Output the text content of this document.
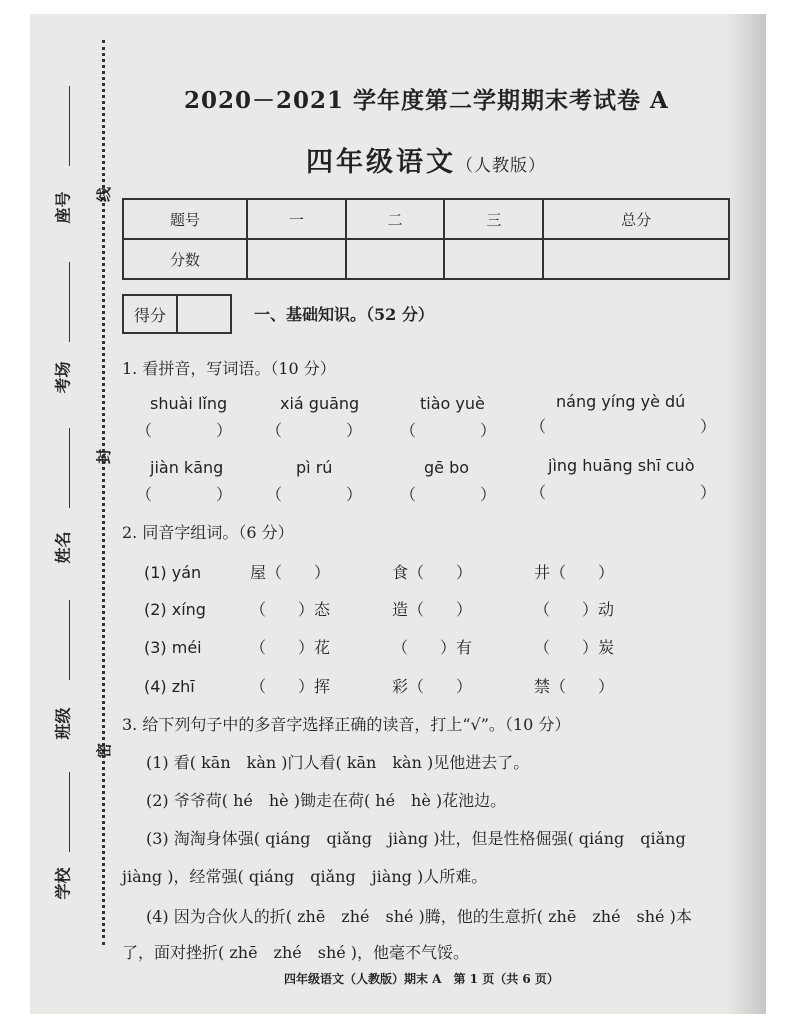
座号
考场
姓名
班级
学校
线
封
密
2020－2021 学年度第二学期期末考试卷 A
四年级语文（人教版）
题号	一	二	三	总分
分数				
得分	一、基础知识。（52 分）
1. 看拼音，写词语。（10 分）
shuài lǐng	xiá guāng	tiào yuè	náng yíng yè dú
（　　　　） （　　　　） （　　　　） （　　　　　　　　　）
jiàn kāng	pì rú	gē bo	jìng huāng shī cuò
（　　　　） （　　　　） （　　　　） （　　　　　　　　　）
2. 同音字组词。（6 分）
(1) yán	屋（　　）	食（　　）	井（　　）
(2) xíng	（　　）态	造（　　）	（　　）动
(3) méi	（　　）花	（　　）有	（　　）炭
(4) zhī	（　　）挥	彩（　　）	禁（　　）
3. 给下列句子中的多音字选择正确的读音，打上“√”。（10 分）
(1) 看( kān　kàn )门人看( kān　kàn )见他进去了。
(2) 爷爷荷( hé　hè )锄走在荷( hé　hè )花池边。
(3) 淘淘身体强( qiáng　qiǎng　jiàng )壮，但是性格倔强( qiáng　qiǎng
jiàng )，经常强( qiáng　qiǎng　jiàng )人所难。
(4) 因为合伙人的折( zhē　zhé　shé )腾，他的生意折( zhē　zhé　shé )本
了，面对挫折( zhē　zhé　shé )，他毫不气馁。
四年级语文（人教版）期末 A　第 1 页（共 6 页）
